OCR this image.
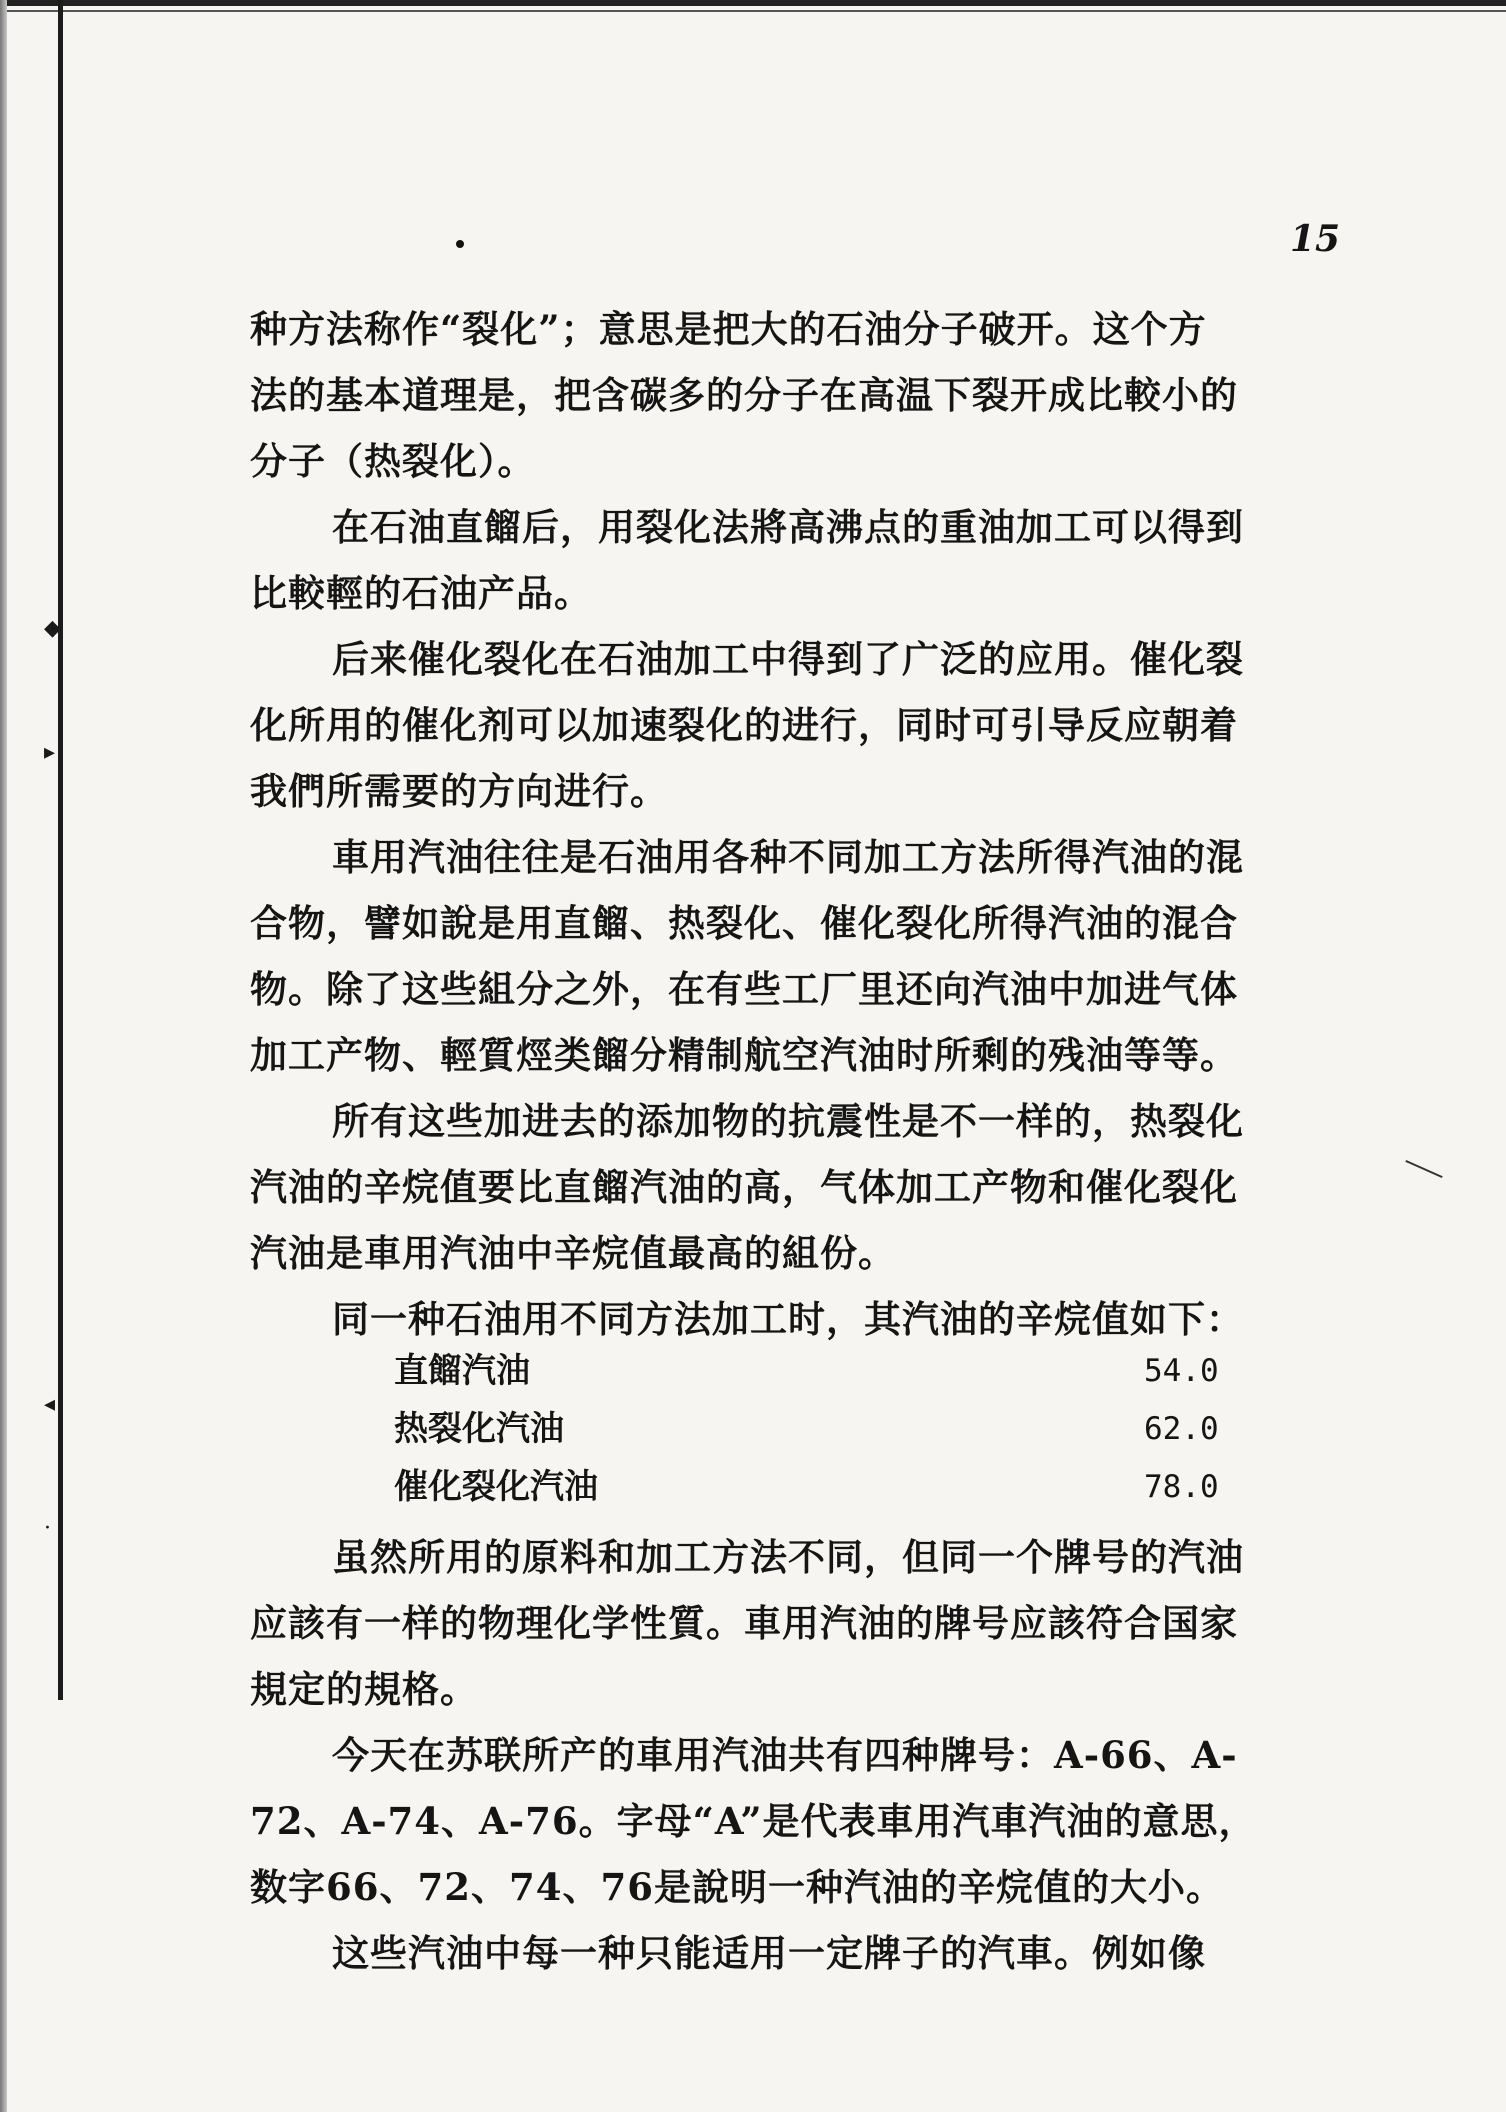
◆
▸
◂
·
15
种方法称作“裂化”；意思是把大的石油分子破开。这个方
法的基本道理是，把含碳多的分子在高温下裂开成比較小的
分子（热裂化）。
在石油直餾后，用裂化法將高沸点的重油加工可以得到
比較輕的石油产品。
后来催化裂化在石油加工中得到了广泛的应用。催化裂
化所用的催化剂可以加速裂化的进行，同时可引导反应朝着
我們所需要的方向进行。
車用汽油往往是石油用各种不同加工方法所得汽油的混
合物，譬如說是用直餾、热裂化、催化裂化所得汽油的混合
物。除了这些組分之外，在有些工厂里还向汽油中加进气体
加工产物、輕質烴类餾分精制航空汽油时所剩的残油等等。
所有这些加进去的添加物的抗震性是不一样的，热裂化
汽油的辛烷值要比直餾汽油的高，气体加工产物和催化裂化
汽油是車用汽油中辛烷值最高的組份。
同一种石油用不同方法加工时，其汽油的辛烷值如下：
直餾汽油	54.0
热裂化汽油	62.0
催化裂化汽油	78.0
虽然所用的原料和加工方法不同，但同一个牌号的汽油
应該有一样的物理化学性質。車用汽油的牌号应該符合国家
規定的規格。
今天在苏联所产的車用汽油共有四种牌号：A-66、A-
72、A-74、A-76。字母“A”是代表車用汽車汽油的意思，
数字66、72、74、76是說明一种汽油的辛烷值的大小。
这些汽油中每一种只能适用一定牌子的汽車。例如像
